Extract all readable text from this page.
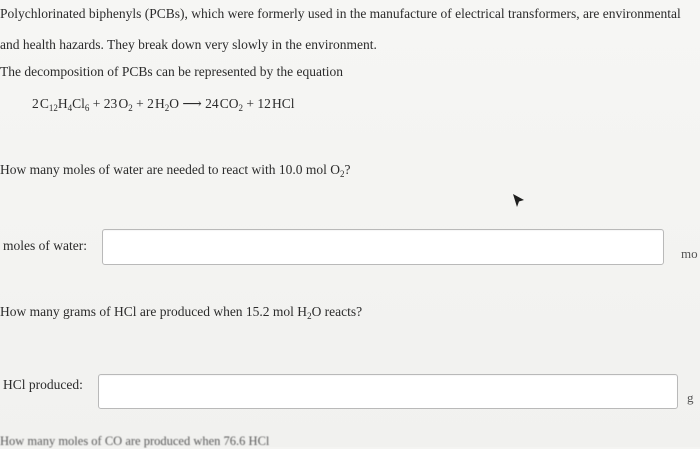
Polychlorinated biphenyls (PCBs), which were formerly used in the manufacture of electrical transformers, are environmental
and health hazards. They break down very slowly in the environment.
The decomposition of PCBs can be represented by the equation
2 $C_{12}H_4Cl_6 + 23$ $O_2 + 2$ $H_2O$ ⟶ 24 $CO_2 + 12$ HCl
How many moles of water are needed to react with 10.0 mol $O_2$?
moles of water:
mo
How many grams of HCl are produced when 15.2 mol $H_2O$ reacts?
HCl produced:
g
How many moles of CO are produced when 76.6 HCl
